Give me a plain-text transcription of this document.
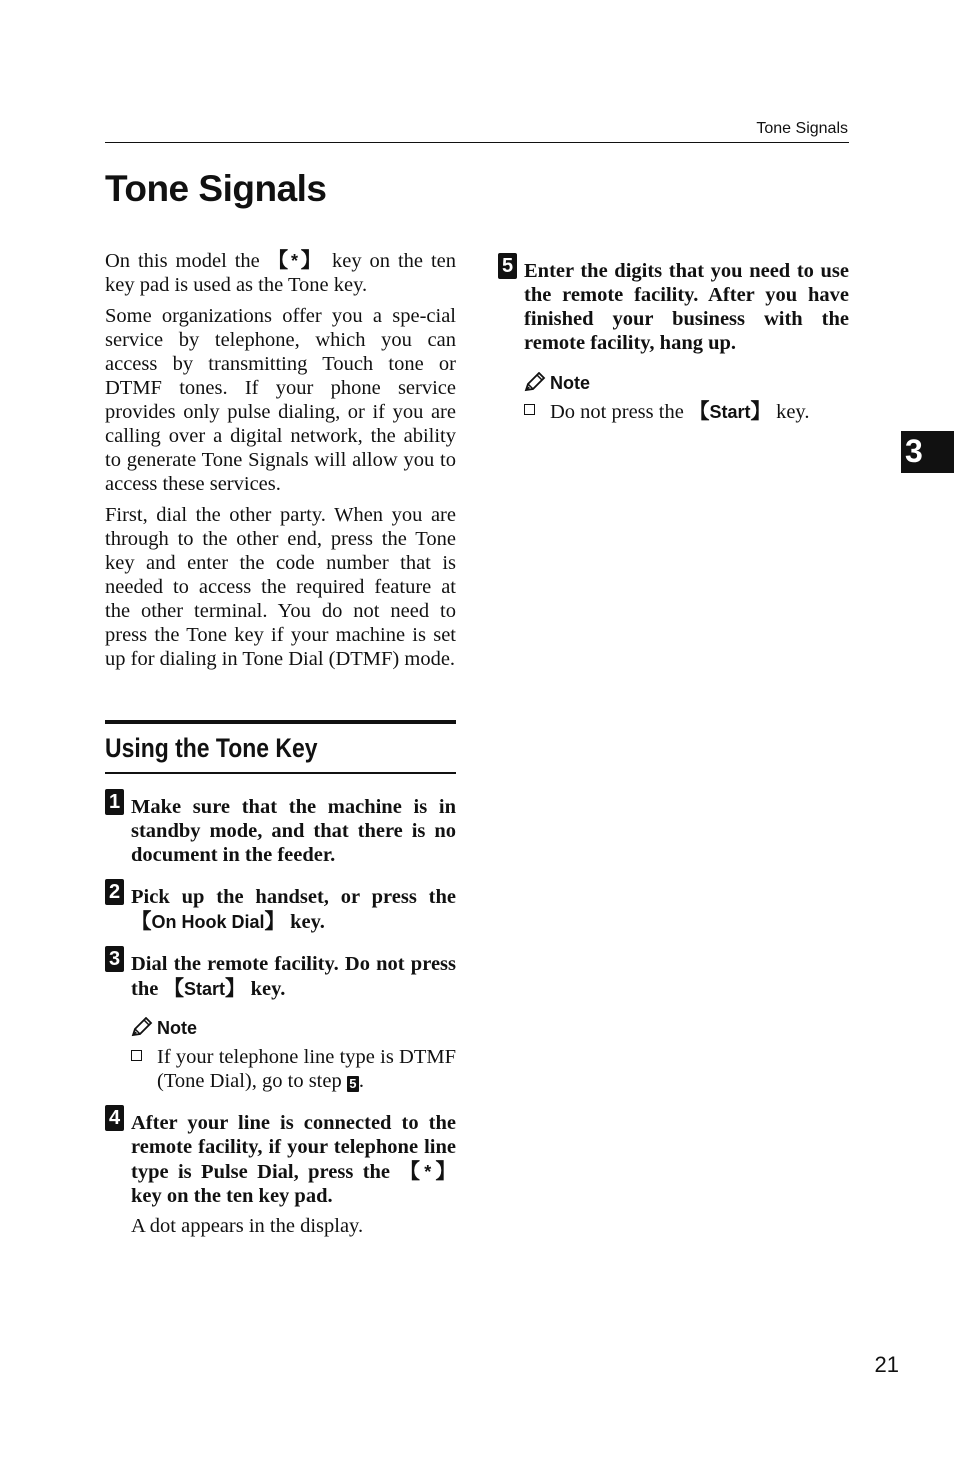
Tone Signals
Tone Signals

On this model the 【*】 key on the ten key pad is used as the Tone key.

Some organizations offer you a spe-cial service by telephone, which you can access by transmitting Touch tone or DTMF tones. If your phone service provides only pulse dialing, or if you are calling over a digital network, the ability to generate Tone Signals will allow you to access these services.

First, dial the other party. When you are through to the other end, press the Tone key and enter the code number that is needed to access the required feature at the other terminal. You do not need to press the Tone key if your machine is set up for dialing in Tone Dial (DTMF) mode.

Using the Tone Key
1 Make sure that the machine is in standby mode, and that there is no document in the feeder.

2 Pick up the handset, or press the 【On Hook Dial】 key.

3 Dial the remote facility. Do not press the 【Start】 key.

Note

If your telephone line type is DTMF (Tone Dial), go to step 5 .

4 After your line is connected to the remote facility, if your telephone line type is Pulse Dial, press the 【*】 key on the ten key pad.

A dot appears in the display.

5 Enter the digits that you need to use the remote facility. After you have finished your business with the remote facility, hang up.

Note

Do not press the 【Start】 key.

3
21
